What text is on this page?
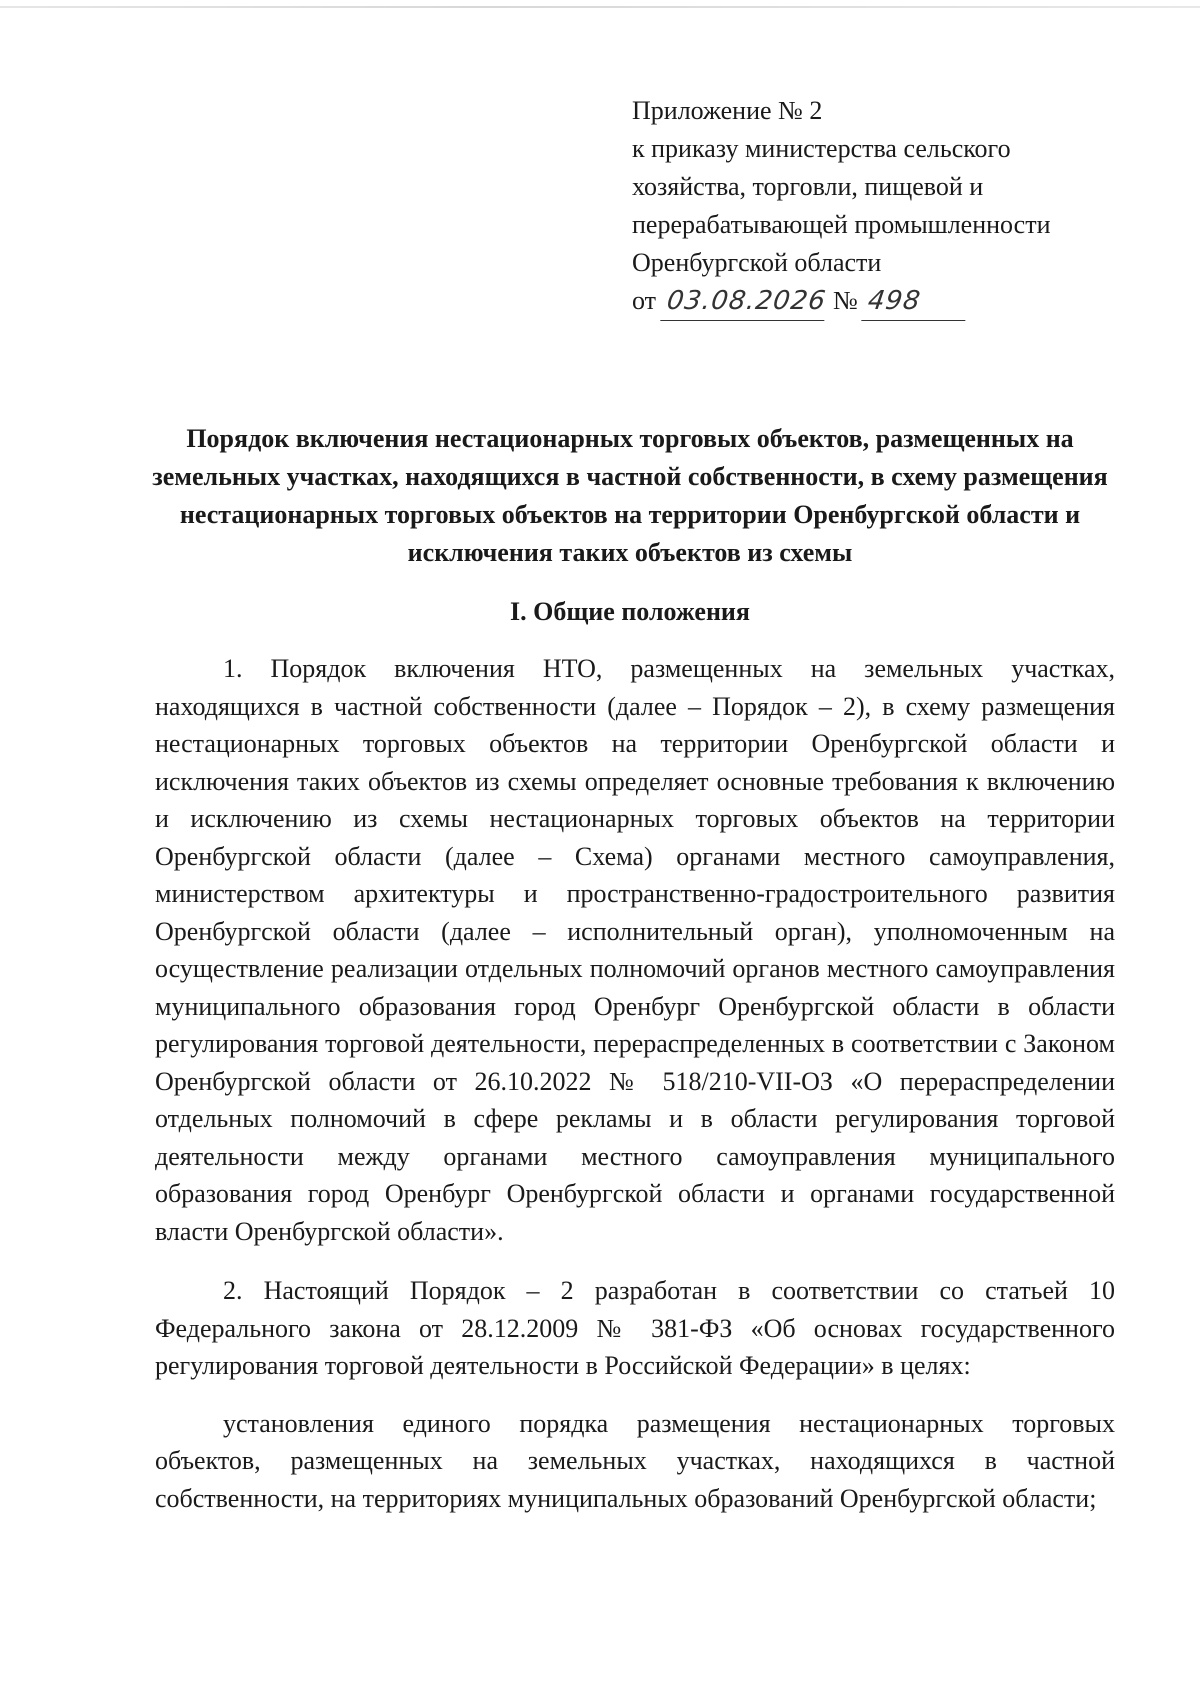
Приложение № 2

к приказу министерства сельского

хозяйства, торговли, пищевой и

перерабатывающей промышленности

Оренбургской области

от 03.08.2026 № 498

Порядок включения нестационарных торговых объектов, размещенных на земельных участках, находящихся в частной собственности, в схему размещения нестационарных торговых объектов на территории Оренбургской области и исключения таких объектов из схемы
I. Общие положения

1. Порядок включения НТО, размещенных на земельных участках, находящихся в частной собственности (далее – Порядок – 2), в схему размещения нестационарных торговых объектов на территории Оренбургской области и исключения таких объектов из схемы определяет основные требования к включению и исключению из схемы нестационарных торговых объектов на территории Оренбургской области (далее – Схема) органами местного самоуправления, министерством архитектуры и пространственно-градостроительного развития Оренбургской области (далее – исполнительный орган), уполномоченным на осуществление реализации отдельных полномочий органов местного самоуправления муниципального образования город Оренбург Оренбургской области в области регулирования торговой деятельности, перераспределенных в соответствии с Законом Оренбургской области от 26.10.2022 № 518/210-VII-ОЗ «О перераспределении отдельных полномочий в сфере рекламы и в области регулирования торговой деятельности между органами местного самоуправления муниципального образования город Оренбург Оренбургской области и органами государственной власти Оренбургской области».

2. Настоящий Порядок – 2 разработан в соответствии со статьей 10 Федерального закона от 28.12.2009 № 381-ФЗ «Об основах государственного регулирования торговой деятельности в Российской Федерации» в целях:

установления единого порядка размещения нестационарных торговых объектов, размещенных на земельных участках, находящихся в частной собственности, на территориях муниципальных образований Оренбургской области;
